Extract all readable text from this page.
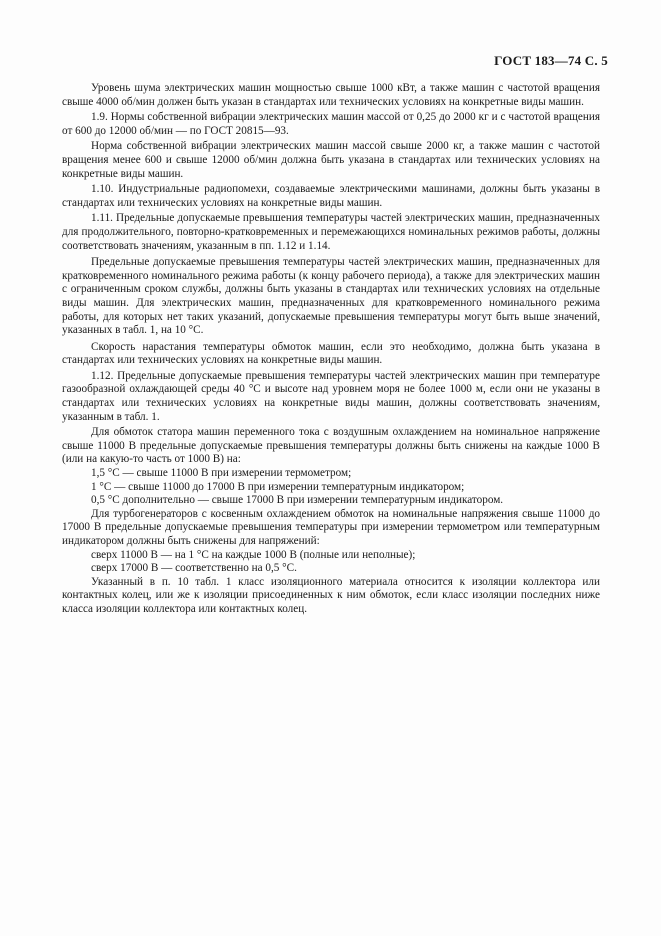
ГОСТ 183—74 С. 5

Уровень шума электрических машин мощностью свыше 1000 кВт, а также машин с частотой вращения свыше 4000 об/мин должен быть указан в стандартах или технических условиях на конкретные виды машин.

1.9. Нормы собственной вибрации электрических машин массой от 0,25 до 2000 кг и с частотой вращения от 600 до 12000 об/мин — по ГОСТ 20815—93.

Норма собственной вибрации электрических машин массой свыше 2000 кг, а также машин с частотой вращения менее 600 и свыше 12000 об/мин должна быть указана в стандартах или технических условиях на конкретные виды машин.

1.10. Индустриальные радиопомехи, создаваемые электрическими машинами, должны быть указаны в стандартах или технических условиях на конкретные виды машин.

1.11. Предельные допускаемые превышения температуры частей электрических машин, предназначенных для продолжительного, повторно-кратковременных и перемежающихся номинальных режимов работы, должны соответствовать значениям, указанным в пп. 1.12 и 1.14.

Предельные допускаемые превышения температуры частей электрических машин, предназначенных для кратковременного номинального режима работы (к концу рабочего периода), а также для электрических машин с ограниченным сроком службы, должны быть указаны в стандартах или технических условиях на отдельные виды машин. Для электрических машин, предназначенных для кратковременного номинального режима работы, для которых нет таких указаний, допускаемые превышения температуры могут быть выше значений, указанных в табл. 1, на 10 °С.

Скорость нарастания температуры обмоток машин, если это необходимо, должна быть указана в стандартах или технических условиях на конкретные виды машин.

1.12. Предельные допускаемые превышения температуры частей электрических машин при температуре газообразной охлаждающей среды 40 °С и высоте над уровнем моря не более 1000 м, если они не указаны в стандартах или технических условиях на конкретные виды машин, должны соответствовать значениям, указанным в табл. 1.

Для обмоток статора машин переменного тока с воздушным охлаждением на номинальное напряжение свыше 11000 В предельные допускаемые превышения температуры должны быть снижены на каждые 1000 В (или на какую-то часть от 1000 В) на:

1,5 °С — свыше 11000 В при измерении термометром;

1 °С — свыше 11000 до 17000 В при измерении температурным индикатором;

0,5 °С дополнительно — свыше 17000 В при измерении температурным индикатором.

Для турбогенераторов с косвенным охлаждением обмоток на номинальные напряжения свыше 11000 до 17000 В предельные допускаемые превышения температуры при измерении термометром или температурным индикатором должны быть снижены для напряжений:

сверх 11000 В — на 1 °С на каждые 1000 В (полные или неполные);

сверх 17000 В — соответственно на 0,5 °С.

Указанный в п. 10 табл. 1 класс изоляционного материала относится к изоляции коллектора или контактных колец, или же к изоляции присоединенных к ним обмоток, если класс изоляции последних ниже класса изоляции коллектора или контактных колец.
